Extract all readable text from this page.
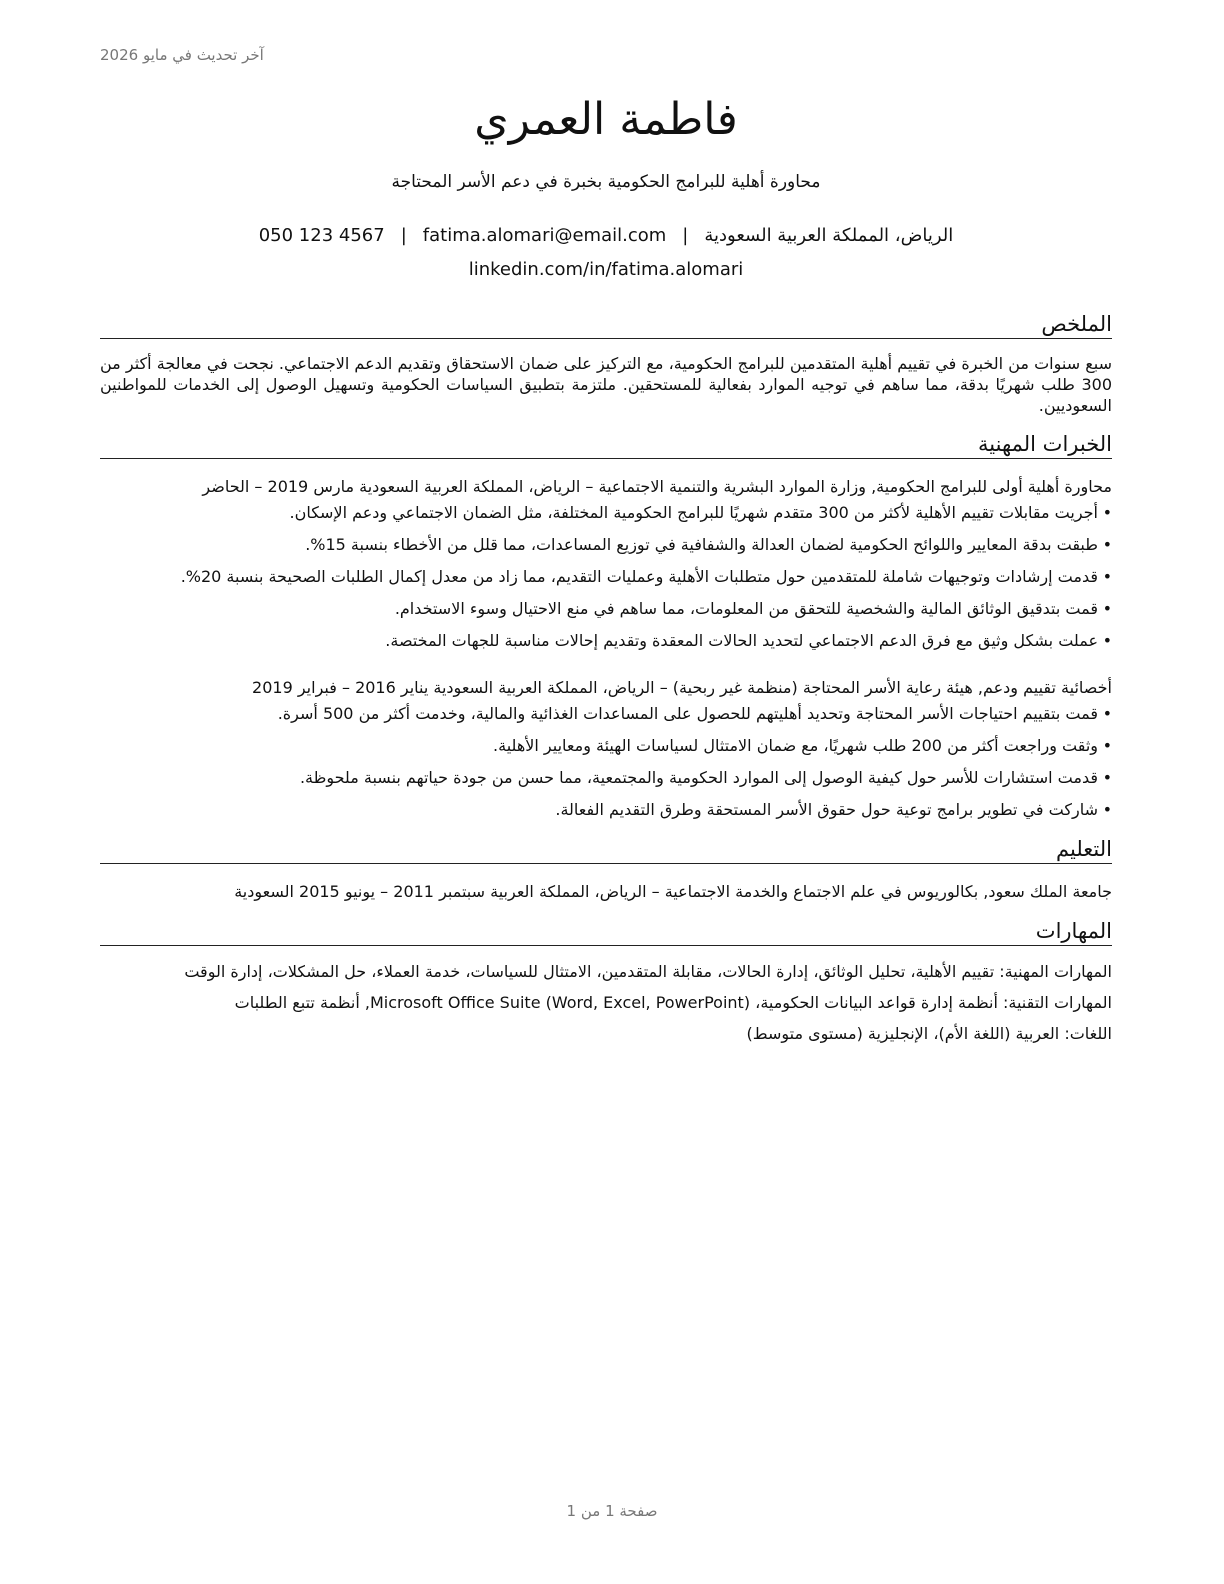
آخر تحديث في مايو 2026
فاطمة العمري
محاورة أهلية للبرامج الحكومية بخبرة في دعم الأسر المحتاجة
الرياض، المملكة العربية السعودية|fatima.alomari@email.com|050 123 4567
linkedin.com/in/fatima.alomari
الملخص

سبع سنوات من الخبرة في تقييم أهلية المتقدمين للبرامج الحكومية، مع التركيز على ضمان الاستحقاق وتقديم الدعم الاجتماعي. نجحت في معالجة أكثر من 300 طلب شهريًا بدقة، مما ساهم في توجيه الموارد بفعالية للمستحقين. ملتزمة بتطبيق السياسات الحكومية وتسهيل الوصول إلى الخدمات للمواطنين السعوديين.

الخبرات المهنية
محاورة أهلية أولى للبرامج الحكومية, وزارة الموارد البشرية والتنمية الاجتماعية – الرياض، المملكة العربية السعودية مارس 2019 – الحاضر
• أجريت مقابلات تقييم الأهلية لأكثر من 300 متقدم شهريًا للبرامج الحكومية المختلفة، مثل الضمان الاجتماعي ودعم الإسكان.
• طبقت بدقة المعايير واللوائح الحكومية لضمان العدالة والشفافية في توزيع المساعدات، مما قلل من الأخطاء بنسبة 15%.
• قدمت إرشادات وتوجيهات شاملة للمتقدمين حول متطلبات الأهلية وعمليات التقديم، مما زاد من معدل إكمال الطلبات الصحيحة بنسبة 20%.
• قمت بتدقيق الوثائق المالية والشخصية للتحقق من المعلومات، مما ساهم في منع الاحتيال وسوء الاستخدام.
• عملت بشكل وثيق مع فرق الدعم الاجتماعي لتحديد الحالات المعقدة وتقديم إحالات مناسبة للجهات المختصة.
أخصائية تقييم ودعم, هيئة رعاية الأسر المحتاجة (منظمة غير ربحية) – الرياض، المملكة العربية السعودية يناير 2016 – فبراير 2019
• قمت بتقييم احتياجات الأسر المحتاجة وتحديد أهليتهم للحصول على المساعدات الغذائية والمالية، وخدمت أكثر من 500 أسرة.
• وثقت وراجعت أكثر من 200 طلب شهريًا، مع ضمان الامتثال لسياسات الهيئة ومعايير الأهلية.
• قدمت استشارات للأسر حول كيفية الوصول إلى الموارد الحكومية والمجتمعية، مما حسن من جودة حياتهم بنسبة ملحوظة.
• شاركت في تطوير برامج توعية حول حقوق الأسر المستحقة وطرق التقديم الفعالة.
التعليم
جامعة الملك سعود, بكالوريوس في علم الاجتماع والخدمة الاجتماعية – الرياض، المملكة العربية سبتمبر 2011 – يونيو 2015 السعودية
المهارات
المهارات المهنية: تقييم الأهلية، تحليل الوثائق، إدارة الحالات، مقابلة المتقدمين، الامتثال للسياسات، خدمة العملاء، حل المشكلات، إدارة الوقت
المهارات التقنية: أنظمة إدارة قواعد البيانات الحكومية، Microsoft Office Suite (Word, Excel, PowerPoint), أنظمة تتبع الطلبات
اللغات: العربية (اللغة الأم)، الإنجليزية (مستوى متوسط)
صفحة 1 من 1
